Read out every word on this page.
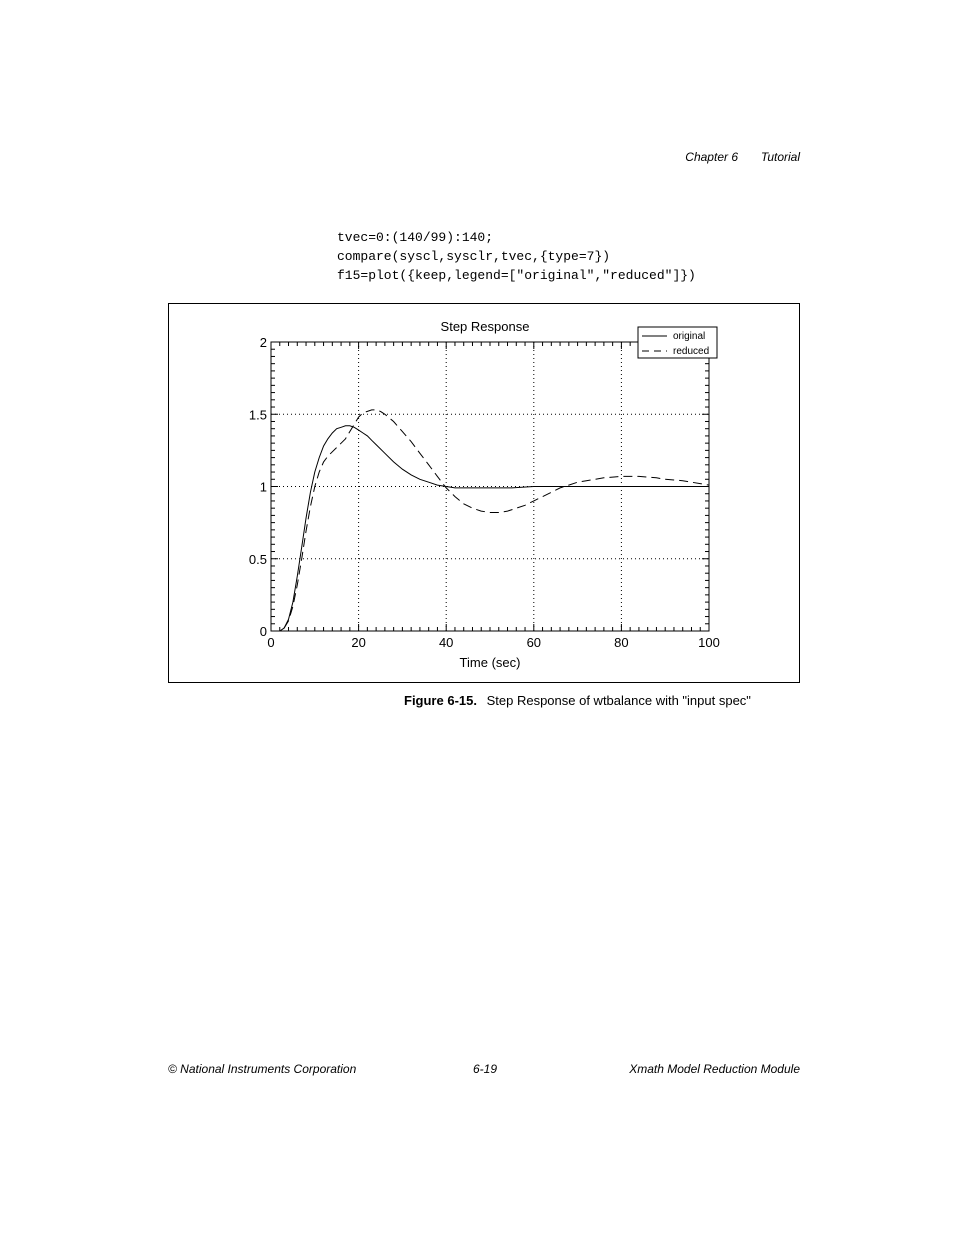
Chapter 6 Tutorial
tvec=0:(140/99):140;
compare(syscl,sysclr,tvec,{type=7})
f15=plot({keep,legend=["original","reduced"]})
Step Response
Time (sec)
0	20	40	60	80	100
0
0.5
1
1.5
2	original
reduced
Figure 6-15. Step Response of wtbalance with "input spec"
© National Instruments Corporation	6-19	Xmath Model Reduction Module
